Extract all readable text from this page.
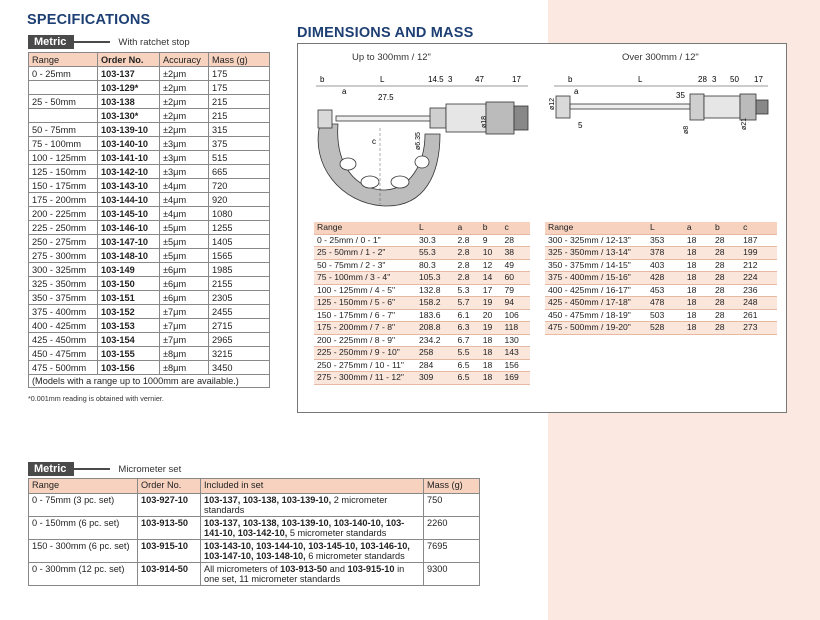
SPECIFICATIONS
Metric	With ratchet stop
Range	Order No.	Accuracy	Mass (g)
0 - 25mm	103-137	±2μm	175
	103-129*	±2μm	175
25 - 50mm	103-138	±2μm	215
	103-130*	±2μm	215
50 - 75mm	103-139-10	±2μm	315
75 - 100mm	103-140-10	±3μm	375
100 - 125mm	103-141-10	±3μm	515
125 - 150mm	103-142-10	±3μm	665
150 - 175mm	103-143-10	±4μm	720
175 - 200mm	103-144-10	±4μm	920
200 - 225mm	103-145-10	±4μm	1080
225 - 250mm	103-146-10	±5μm	1255
250 - 275mm	103-147-10	±5μm	1405
275 - 300mm	103-148-10	±5μm	1565
300 - 325mm	103-149	±6μm	1985
325 - 350mm	103-150	±6μm	2155
350 - 375mm	103-151	±6μm	2305
375 - 400mm	103-152	±7μm	2455
400 - 425mm	103-153	±7μm	2715
425 - 450mm	103-154	±7μm	2965
450 - 475mm	103-155	±8μm	3215
475 - 500mm	103-156	±8μm	3450
(Models with a range up to 1000mm are available.)
*0.001mm reading is obtained with vernier.
Metric	Micrometer set
Range	Order No.	Included in set	Mass (g)
0 - 75mm (3 pc. set)	103-927-10	103-137, 103-138, 103-139-10, 2 micrometer standards	750
0 - 150mm (6 pc. set)	103-913-50	103-137, 103-138, 103-139-10, 103-140-10, 103-141-10, 103-142-10, 5 micrometer standards	2260
150 - 300mm (6 pc. set)	103-915-10	103-143-10, 103-144-10, 103-145-10, 103-146-10, 103-147-10, 103-148-10, 6 micrometer standards	7695
0 - 300mm (12 pc. set)	103-914-50	All micrometers of 103-913-50 and 103-915-10 in one set, 11 micrometer standards	9300
DIMENSIONS AND MASS
Up to 300mm / 12"	Over 300mm / 12"
b	L
a
c
14.5 3	47	17
27.5
ø6.35
ø18
b	L
a
28 3 50 17
35
ø12
5	ø8	ø21
Range	L	a	b	c
0 - 25mm / 0 - 1"	30.3	2.8	9	28
25 - 50mm / 1 - 2"	55.3	2.8	10	38
50 - 75mm / 2 - 3"	80.3	2.8	12	49
75 - 100mm / 3 - 4"	105.3	2.8	14	60
100 - 125mm / 4 - 5"	132.8	5.3	17	79
125 - 150mm / 5 - 6"	158.2	5.7	19	94
150 - 175mm / 6 - 7"	183.6	6.1	20	106
175 - 200mm / 7 - 8"	208.8	6.3	19	118
200 - 225mm / 8 - 9"	234.2	6.7	18	130
225 - 250mm / 9 - 10"	258	5.5	18	143
250 - 275mm / 10 - 11"	284	6.5	18	156
275 - 300mm / 11 - 12"	309	6.5	18	169
Range	L	a	b	c
300 - 325mm / 12-13"	353	18	28	187
325 - 350mm / 13-14"	378	18	28	199
350 - 375mm / 14-15"	403	18	28	212
375 - 400mm / 15-16"	428	18	28	224
400 - 425mm / 16-17"	453	18	28	236
425 - 450mm / 17-18"	478	18	28	248
450 - 475mm / 18-19"	503	18	28	261
475 - 500mm / 19-20"	528	18	28	273
